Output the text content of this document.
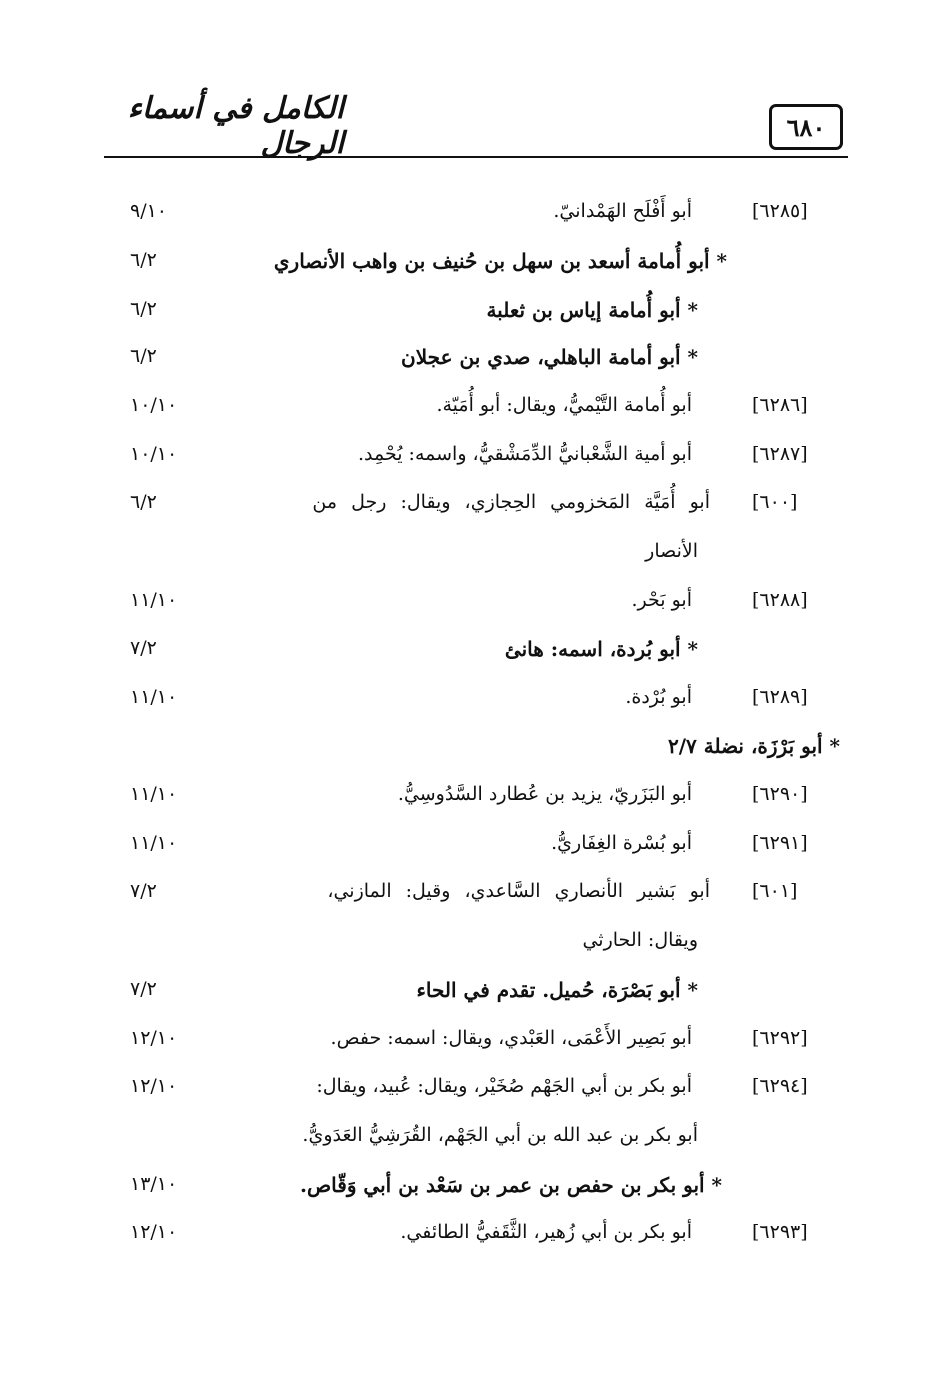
٦٨٠
الكامل في أسماء الرجال
[٦٢٨٥]
أبو أَفْلَح الهَمْدانيّ.
٩/١٠
* أبو أُمامة أسعد بن سهل بن حُنيف بن واهب الأنصاري
٦/٢
* أبو أُمامة إياس بن ثعلبة
٦/٢
* أبو أمامة الباهلي، صدي بن عجلان
٦/٢
[٦٢٨٦]
أبو أُمامة التَّيْميُّ، ويقال: أبو أُمَيّة.
١٠/١٠
[٦٢٨٧]
أبو أمية الشَّعْبانيُّ الدِّمَشْقيُّ، واسمه: يُحْمِد.
١٠/١٠
[٦٠٠]
أبو أُمَيَّة المَخزومي الحِجازي، ويقال: رجل من
٦/٢
الأنصار
[٦٢٨٨]
أبو بَحْر.
١١/١٠
* أبو بُردة، اسمه: هانئ
٧/٢
[٦٢٨٩]
أبو بُرْدة.
١١/١٠
* أبو بَرْزَة، نضلة ٢/٧
[٦٢٩٠]
أبو البَزَريّ، يزيد بن عُطارد السَّدُوسِيُّ.
١١/١٠
[٦٢٩١]
أبو بُسْرة الغِفَاريُّ.
١١/١٠
[٦٠١]
أبو بَشير الأنصاري السَّاعدي، وقيل: المازني،
٧/٢
ويقال: الحارثي
* أبو بَصْرَة، حُميل. تقدم في الحاء
٧/٢
[٦٢٩٢]
أبو بَصِير الأَعْمَى، العَبْدي، ويقال: اسمه: حفص.
١٢/١٠
[٦٢٩٤]
أبو بكر بن أبي الجَهْم صُخَيْر، ويقال: عُبيد، ويقال:
١٢/١٠
أبو بكر بن عبد الله بن أبي الجَهْم، القُرَشِيُّ العَدَويُّ.
* أبو بكر بن حفص بن عمر بن سَعْد بن أبي وَقّاص.
١٣/١٠
[٦٢٩٣]
أبو بكر بن أبي زُهير، الثَّقَفيُّ الطائفي.
١٢/١٠
